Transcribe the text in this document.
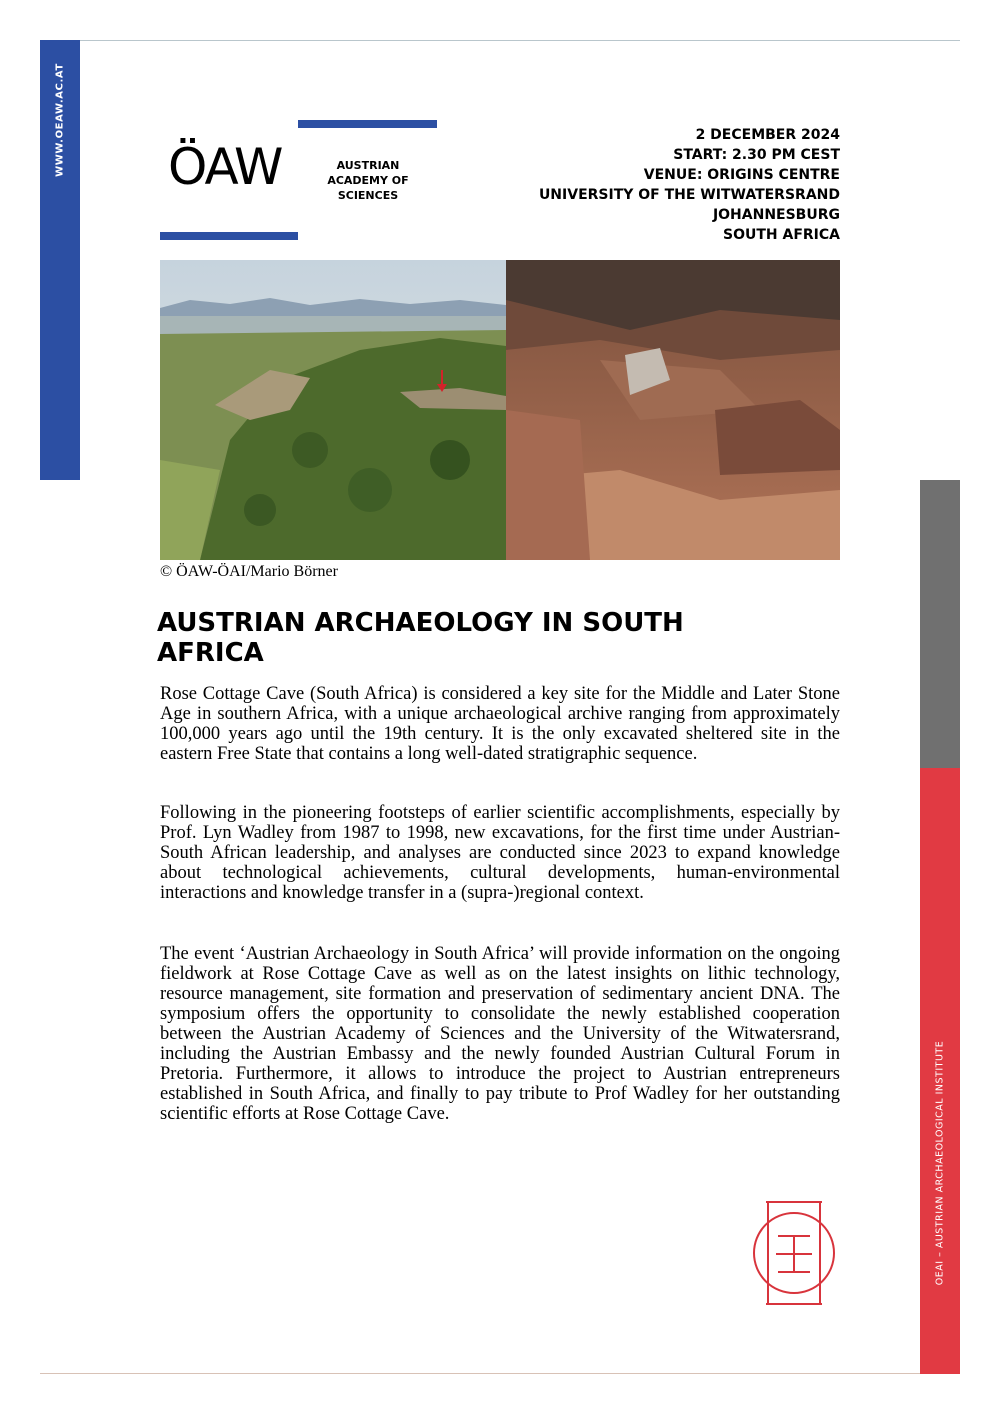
WWW.OEAW.AC.AT
OEAI – AUSTRIAN ARCHAEOLOGICAL INSTITUTE
ÖAW	AUSTRIAN
ACADEMY OF
SCIENCES
2 DECEMBER 2024
START: 2.30 PM CEST
VENUE: ORIGINS CENTRE
UNIVERSITY OF THE WITWATERSRAND
JOHANNESBURG
SOUTH AFRICA
© ÖAW-ÖAI/Mario Börner
AUSTRIAN ARCHAEOLOGY IN SOUTH AFRICA

Rose Cottage Cave (South Africa) is considered a key site for the Middle and Later Stone Age in southern Africa, with a unique archaeological archive ranging from approximately 100,000 years ago until the 19th century. It is the only excavated sheltered site in the eastern Free State that contains a long well-dated stratigraphic sequence.

Following in the pioneering footsteps of earlier scientific accomplishments, especially by Prof. Lyn Wadley from 1987 to 1998, new excavations, for the first time under Austrian-South African leadership, and analyses are conducted since 2023 to expand knowledge about technological achievements, cultural developments, human-environmental interactions and knowledge transfer in a (supra-)regional context.

The event ‘Austrian Archaeology in South Africa’ will provide information on the ongoing fieldwork at Rose Cottage Cave as well as on the latest insights on lithic technology, resource management, site formation and preservation of sedimentary ancient DNA. The symposium offers the opportunity to consolidate the newly established cooperation between the Austrian Academy of Sciences and the University of the Witwatersrand, including the Austrian Embassy and the newly founded Austrian Cultural Forum in Pretoria. Furthermore, it allows to introduce the project to Austrian entrepreneurs established in South Africa, and finally to pay tribute to Prof Wadley for her outstanding scientific efforts at Rose Cottage Cave.
